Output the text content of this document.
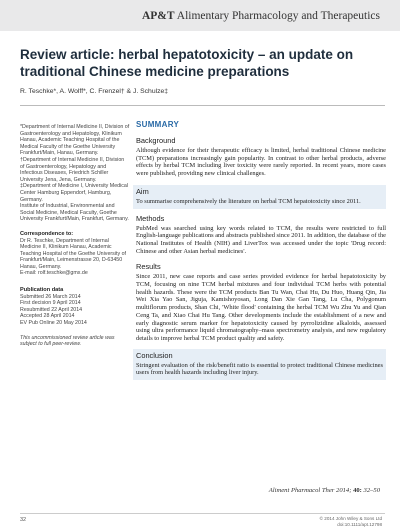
AP&T Alimentary Pharmacology and Therapeutics
Review article: herbal hepatotoxicity – an update on traditional Chinese medicine preparations
R. Teschke*, A. Wolff*, C. Frenzel† & J. Schulze‡

*Department of Internal Medicine II, Division of Gastroenterology and Hepatology, Klinikum Hanau, Academic Teaching Hospital of the Medical Faculty of the Goethe University Frankfurt/Main, Hanau, Germany.

†Department of Internal Medicine II, Division of Gastroenterology, Hepatology and Infectious Diseases, Friedrich Schiller University Jena, Jena, Germany.

‡Department of Medicine I, University Medical Center Hamburg Eppendorf, Hamburg, Germany.

Institute of Industrial, Environmental and Social Medicine, Medical Faculty, Goethe University Frankfurt/Main, Frankfurt, Germany.

Correspondence to:

Dr R. Teschke, Department of Internal Medicine II, Klinikum Hanau, Academic Teaching Hospital of the Goethe University of Frankfurt/Main, Leimenstrasse 20, D-63450 Hanau, Germany.

E-mail: rolf.teschke@gmx.de

Publication data

Submitted 26 March 2014

First decision 9 April 2014

Resubmitted 22 April 2014

Accepted 28 April 2014

EV Pub Online 20 May 2014

This uncommissioned review article was subject to full peer-review.

SUMMARY
Background

Although evidence for their therapeutic efficacy is limited, herbal traditional Chinese medicine (TCM) preparations increasingly gain popularity. In contrast to other herbal products, adverse effects by herbal TCM including liver toxicity were rarely reported. In recent years, more cases were published, providing new clinical challenges.

Aim

To summarise comprehensively the literature on herbal TCM hepatotoxicity since 2011.

Methods

PubMed was searched using key words related to TCM, the results were restricted to full English-language publications and abstracts published since 2011. In addition, the database of the National Institutes of Health (NIH) and LiverTox was accessed under the topic 'Drug record: Chinese and other Asian herbal medicines'.

Results

Since 2011, new case reports and case series provided evidence for herbal hepatotoxicity by TCM, focusing on nine TCM herbal mixtures and four individual TCM herbs with potential health hazards. These were the TCM products Ban Tu Wan, Chai Hu, Du Huo, Huang Qin, Jia Wei Xia Yao San, Jiguja, Kamishoyosan, Long Dan Xie Gan Tang, Lu Cha, Polygonum multiflorum products, Shan Chi, 'White flood' containing the herbal TCM Wu Zhu Yu and Qian Ceng Ta, and Xiao Chai Hu Tang. Other developments include the establishment of a new and early diagnostic serum marker for hepatotoxicity caused by pyrrolizidine alkaloids, assessed using ultra performance liquid chromatography–mass spectrometry analysis, and new regulatory details to improve herbal TCM product quality and safety.

Conclusion

Stringent evaluation of the risk/benefit ratio is essential to protect traditional Chinese medicines users from health hazards including liver injury.

Aliment Pharmacol Ther 2014; 40: 32–50
32	© 2014 John Wiley & Sons Ltd
doi:10.1111/apt.12798
